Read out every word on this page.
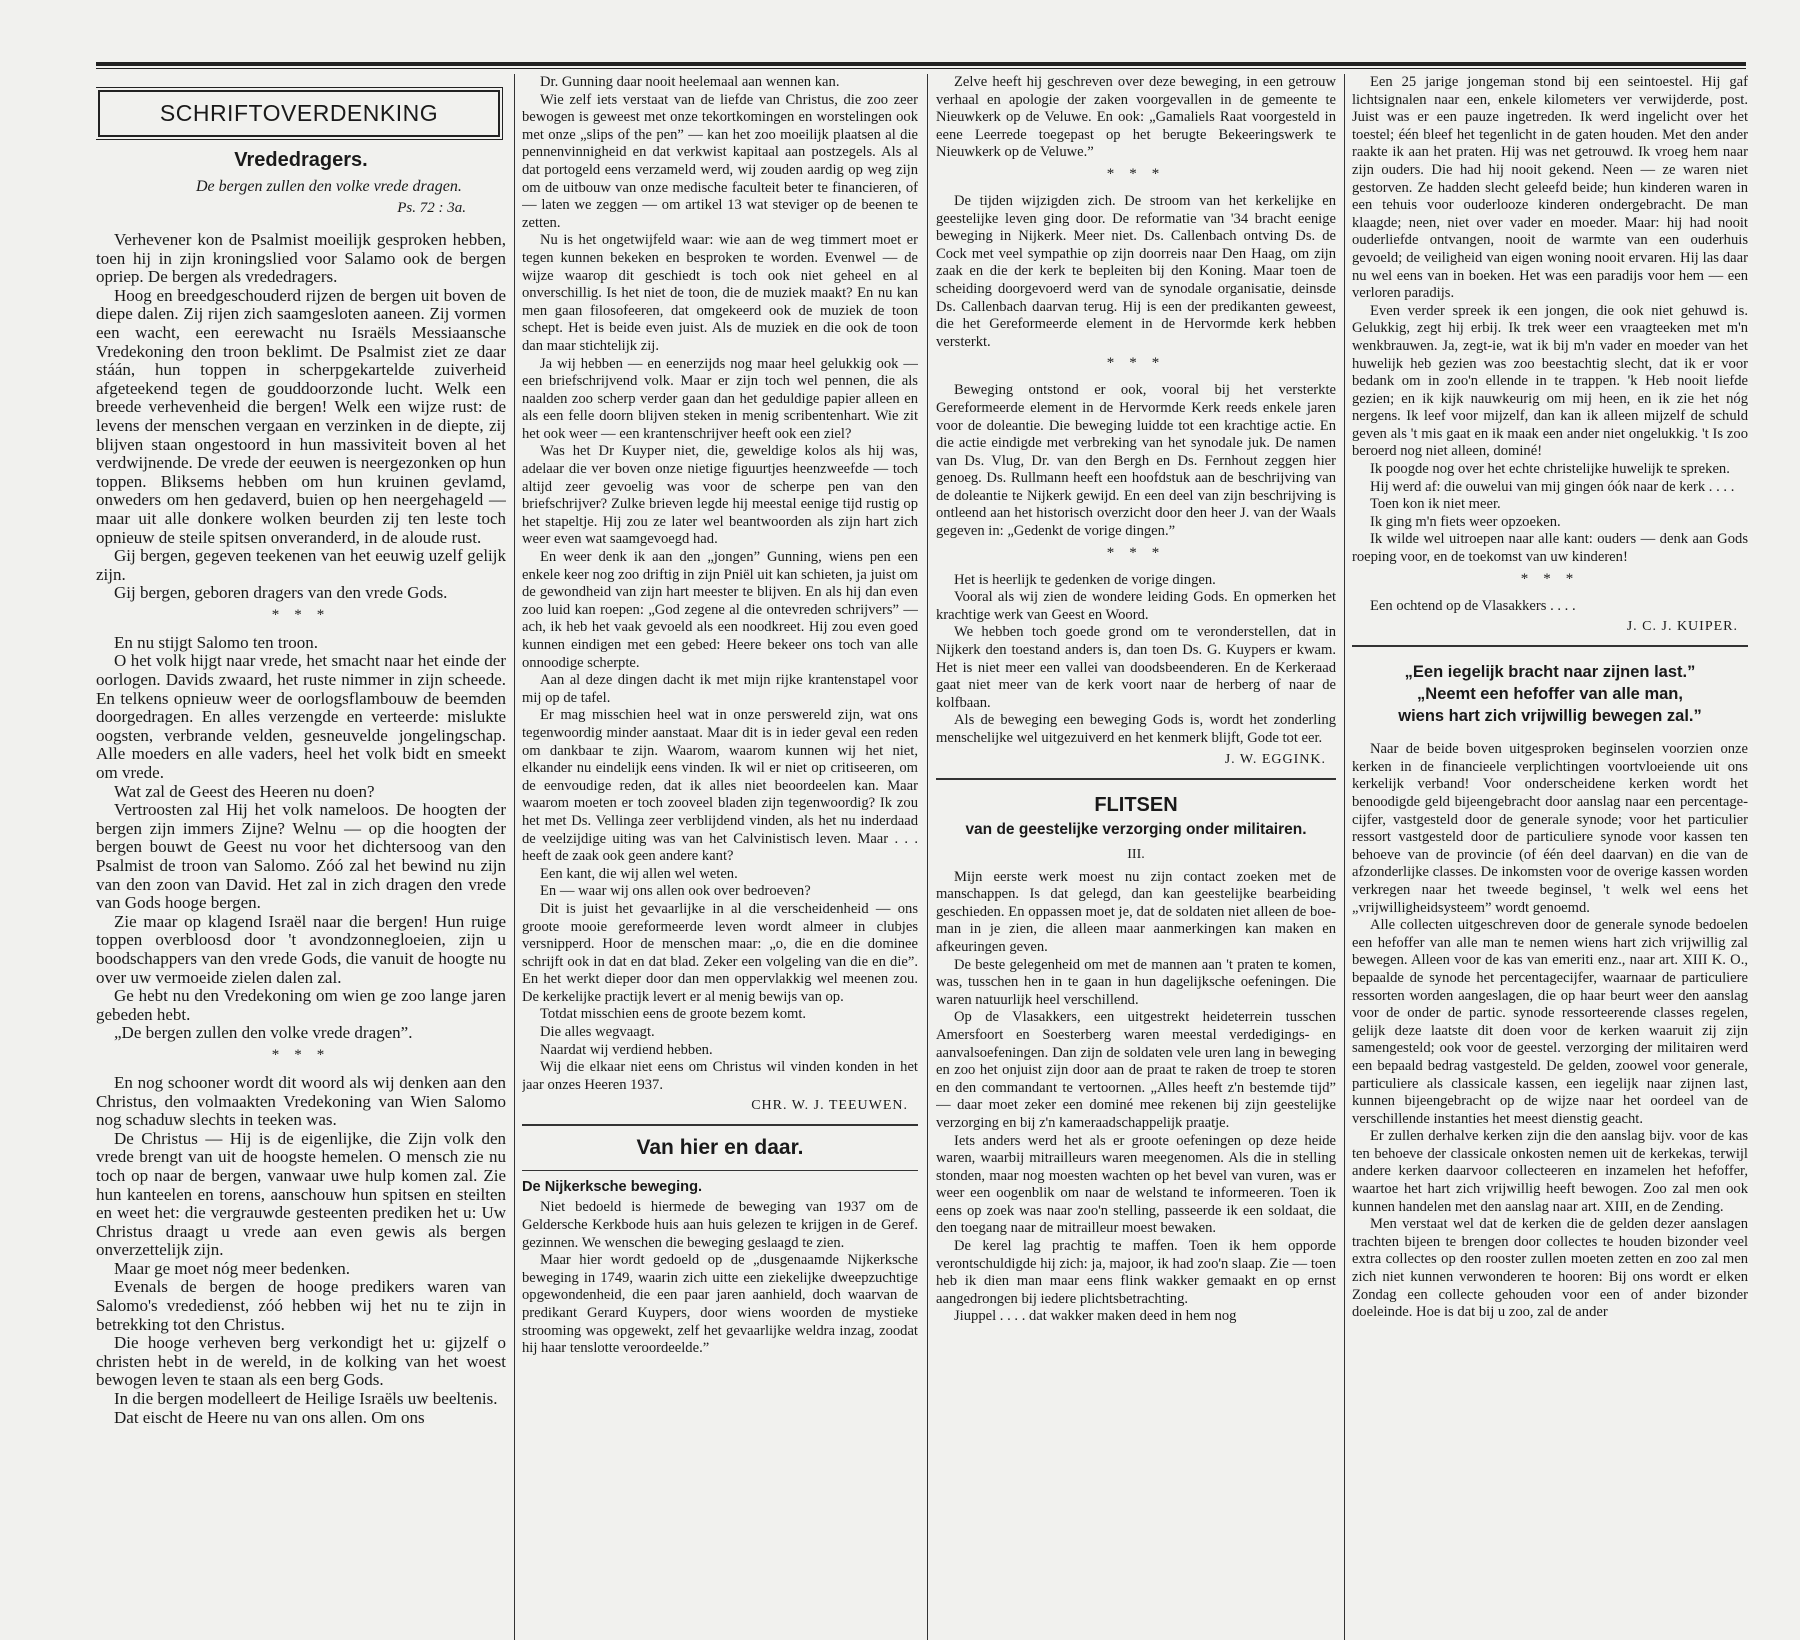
SCHRIFTOVERDENKING
Vrededragers.
De bergen zullen den volke vrede dragen.
Ps. 72 : 3a.

Verhevener kon de Psalmist moeilijk gesproken hebben, toen hij in zijn kroningslied voor Salamo ook de bergen opriep. De bergen als vrededragers.

Hoog en breedgeschouderd rijzen de bergen uit boven de diepe dalen. Zij rijen zich saamgesloten aaneen. Zij vormen een wacht, een eerewacht nu Israëls Messiaansche Vredekoning den troon beklimt. De Psalmist ziet ze daar stáán, hun toppen in scherpgekartelde zuiverheid afgeteekend tegen de gouddoorzonde lucht. Welk een breede verhevenheid die bergen! Welk een wijze rust: de levens der menschen vergaan en verzinken in de diepte, zij blijven staan ongestoord in hun massiviteit boven al het verdwijnende. De vrede der eeuwen is neergezonken op hun toppen. Bliksems hebben om hun kruinen gevlamd, onweders om hen gedaverd, buien op hen neergehageld — maar uit alle donkere wolken beurden zij ten leste toch opnieuw de steile spitsen onveranderd, in de aloude rust.

Gij bergen, gegeven teekenen van het eeuwig uzelf gelijk zijn.

Gij bergen, geboren dragers van den vrede Gods.

* * *

En nu stijgt Salomo ten troon.

O het volk hijgt naar vrede, het smacht naar het einde der oorlogen. Davids zwaard, het ruste nimmer in zijn scheede. En telkens opnieuw weer de oorlogsflambouw de beemden doorgedragen. En alles verzengde en verteerde: mislukte oogsten, verbrande velden, gesneuvelde jongelingschap. Alle moeders en alle vaders, heel het volk bidt en smeekt om vrede.

Wat zal de Geest des Heeren nu doen?

Vertroosten zal Hij het volk nameloos. De hoogten der bergen zijn immers Zijne? Welnu — op die hoogten der bergen bouwt de Geest nu voor het dichtersoog van den Psalmist de troon van Salomo. Zóó zal het bewind nu zijn van den zoon van David. Het zal in zich dragen den vrede van Gods hooge bergen.

Zie maar op klagend Israël naar die bergen! Hun ruige toppen overbloosd door 't avondzonnegloeien, zijn u boodschappers van den vrede Gods, die vanuit de hoogte nu over uw vermoeide zielen dalen zal.

Ge hebt nu den Vredekoning om wien ge zoo lange jaren gebeden hebt.

„De bergen zullen den volke vrede dragen”.

* * *

En nog schooner wordt dit woord als wij denken aan den Christus, den volmaakten Vredekoning van Wien Salomo nog schaduw slechts in teeken was.

De Christus — Hij is de eigenlijke, die Zijn volk den vrede brengt van uit de hoogste hemelen. O mensch zie nu toch op naar de bergen, vanwaar uwe hulp komen zal. Zie hun kanteelen en torens, aanschouw hun spitsen en steilten en weet het: die vergrauwde gesteenten prediken het u: Uw Christus draagt u vrede aan even gewis als bergen onverzettelijk zijn.

Maar ge moet nóg meer bedenken.

Evenals de bergen de hooge predikers waren van Salomo's vrededienst, zóó hebben wij het nu te zijn in betrekking tot den Christus.

Die hooge verheven berg verkondigt het u: gijzelf o christen hebt in de wereld, in de kolking van het woest bewogen leven te staan als een berg Gods.

In die bergen modelleert de Heilige Israëls uw beeltenis.

Dat eischt de Heere nu van ons allen. Om ons

Dr. Gunning daar nooit heelemaal aan wennen kan.

Wie zelf iets verstaat van de liefde van Christus, die zoo zeer bewogen is geweest met onze tekortkomingen en worstelingen ook met onze „slips of the pen” — kan het zoo moeilijk plaatsen al die pennenvinnigheid en dat verkwist kapitaal aan postzegels. Als al dat portogeld eens verzameld werd, wij zouden aardig op weg zijn om de uitbouw van onze medische faculteit beter te financieren, of — laten we zeggen — om artikel 13 wat steviger op de beenen te zetten.

Nu is het ongetwijfeld waar: wie aan de weg timmert moet er tegen kunnen bekeken en besproken te worden. Evenwel — de wijze waarop dit geschiedt is toch ook niet geheel en al onverschillig. Is het niet de toon, die de muziek maakt? En nu kan men gaan filosofeeren, dat omgekeerd ook de muziek de toon schept. Het is beide even juist. Als de muziek en die ook de toon dan maar stichtelijk zij.

Ja wij hebben — en eenerzijds nog maar heel gelukkig ook — een briefschrijvend volk. Maar er zijn toch wel pennen, die als naalden zoo scherp verder gaan dan het geduldige papier alleen en als een felle doorn blijven steken in menig scribentenhart. Wie zit het ook weer — een krantenschrijver heeft ook een ziel?

Was het Dr Kuyper niet, die, geweldige kolos als hij was, adelaar die ver boven onze nietige figuurtjes heenzweefde — toch altijd zeer gevoelig was voor de scherpe pen van den briefschrijver? Zulke brieven legde hij meestal eenige tijd rustig op het stapeltje. Hij zou ze later wel beantwoorden als zijn hart zich weer even wat saamgevoegd had.

En weer denk ik aan den „jongen” Gunning, wiens pen een enkele keer nog zoo driftig in zijn Pniël uit kan schieten, ja juist om de gewondheid van zijn hart meester te blijven. En als hij dan even zoo luid kan roepen: „God zegene al die ontevreden schrijvers” — ach, ik heb het vaak gevoeld als een noodkreet. Hij zou even goed kunnen eindigen met een gebed: Heere bekeer ons toch van alle onnoodige scherpte.

Aan al deze dingen dacht ik met mijn rijke krantenstapel voor mij op de tafel.

Er mag misschien heel wat in onze perswereld zijn, wat ons tegenwoordig minder aanstaat. Maar dit is in ieder geval een reden om dankbaar te zijn. Waarom, waarom kunnen wij het niet, elkander nu eindelijk eens vinden. Ik wil er niet op critiseeren, om de eenvoudige reden, dat ik alles niet beoordeelen kan. Maar waarom moeten er toch zooveel bladen zijn tegenwoordig? Ik zou het met Ds. Vellinga zeer verblijdend vinden, als het nu inderdaad de veelzijdige uiting was van het Calvinistisch leven. Maar . . . heeft de zaak ook geen andere kant?

Een kant, die wij allen wel weten.

En — waar wij ons allen ook over bedroeven?

Dit is juist het gevaarlijke in al die verscheidenheid — ons groote mooie gereformeerde leven wordt almeer in clubjes versnipperd. Hoor de menschen maar: „o, die en die dominee schrijft ook in dat en dat blad. Zeker een volgeling van die en die”. En het werkt dieper door dan men oppervlakkig wel meenen zou. De kerkelijke practijk levert er al menig bewijs van op.

Totdat misschien eens de groote bezem komt.

Die alles wegvaagt.

Naardat wij verdiend hebben.

Wij die elkaar niet eens om Christus wil vinden konden in het jaar onzes Heeren 1937.

CHR. W. J. TEEUWEN.
Van hier en daar.
De Nijkerksche beweging.

Niet bedoeld is hiermede de beweging van 1937 om de Geldersche Kerkbode huis aan huis gelezen te krijgen in de Geref. gezinnen. We wenschen die beweging geslaagd te zien.

Maar hier wordt gedoeld op de „dusgenaamde Nijkerksche beweging in 1749, waarin zich uitte een ziekelijke dweepzuchtige opgewondenheid, die een paar jaren aanhield, doch waarvan de predikant Gerard Kuypers, door wiens woorden de mystieke strooming was opgewekt, zelf het gevaarlijke weldra inzag, zoodat hij haar tenslotte veroordeelde.”

Zelve heeft hij geschreven over deze beweging, in een getrouw verhaal en apologie der zaken voorgevallen in de gemeente te Nieuwkerk op de Veluwe. En ook: „Gamaliels Raat voorgesteld in eene Leerrede toegepast op het berugte Bekeeringswerk te Nieuwkerk op de Veluwe.”

* * *

De tijden wijzigden zich. De stroom van het kerkelijke en geestelijke leven ging door. De reformatie van '34 bracht eenige beweging in Nijkerk. Meer niet. Ds. Callenbach ontving Ds. de Cock met veel sympathie op zijn doorreis naar Den Haag, om zijn zaak en die der kerk te bepleiten bij den Koning. Maar toen de scheiding doorgevoerd werd van de synodale organisatie, deinsde Ds. Callenbach daarvan terug. Hij is een der predikanten geweest, die het Gereformeerde element in de Hervormde kerk hebben versterkt.

* * *

Beweging ontstond er ook, vooral bij het versterkte Gereformeerde element in de Hervormde Kerk reeds enkele jaren voor de doleantie. Die beweging luidde tot een krachtige actie. En die actie eindigde met verbreking van het synodale juk. De namen van Ds. Vlug, Dr. van den Bergh en Ds. Fernhout zeggen hier genoeg. Ds. Rullmann heeft een hoofdstuk aan de beschrijving van de doleantie te Nijkerk gewijd. En een deel van zijn beschrijving is ontleend aan het historisch overzicht door den heer J. van der Waals gegeven in: „Gedenkt de vorige dingen.”

* * *

Het is heerlijk te gedenken de vorige dingen.

Vooral als wij zien de wondere leiding Gods. En opmerken het krachtige werk van Geest en Woord.

We hebben toch goede grond om te veronderstellen, dat in Nijkerk den toestand anders is, dan toen Ds. G. Kuypers er kwam. Het is niet meer een vallei van doodsbeenderen. En de Kerkeraad gaat niet meer van de kerk voort naar de herberg of naar de kolfbaan.

Als de beweging een beweging Gods is, wordt het zonderling menschelijke wel uitgezuiverd en het kenmerk blijft, Gode tot eer.

J. W. EGGINK.
FLITSEN
van de geestelijke verzorging onder militairen.
III.

Mijn eerste werk moest nu zijn contact zoeken met de manschappen. Is dat gelegd, dan kan geestelijke bearbeiding geschieden. En oppassen moet je, dat de soldaten niet alleen de boe-man in je zien, die alleen maar aanmerkingen kan maken en afkeuringen geven.

De beste gelegenheid om met de mannen aan 't praten te komen, was, tusschen hen in te gaan in hun dagelijksche oefeningen. Die waren natuurlijk heel verschillend.

Op de Vlasakkers, een uitgestrekt heideterrein tusschen Amersfoort en Soesterberg waren meestal verdedigings- en aanvalsoefeningen. Dan zijn de soldaten vele uren lang in beweging en zoo het onjuist zijn door aan de praat te raken de troep te storen en den commandant te vertoornen. „Alles heeft z'n bestemde tijd” — daar moet zeker een dominé mee rekenen bij zijn geestelijke verzorging en bij z'n kameraadschappelijk praatje.

Iets anders werd het als er groote oefeningen op deze heide waren, waarbij mitrailleurs waren meegenomen. Als die in stelling stonden, maar nog moesten wachten op het bevel van vuren, was er weer een oogenblik om naar de welstand te informeeren. Toen ik eens op zoek was naar zoo'n stelling, passeerde ik een soldaat, die den toegang naar de mitrailleur moest bewaken.

De kerel lag prachtig te maffen. Toen ik hem opporde verontschuldigde hij zich: ja, majoor, ik had zoo'n slaap. Zie — toen heb ik dien man maar eens flink wakker gemaakt en op ernst aangedrongen bij iedere plichtsbetrachting.

Jiuppel . . . . dat wakker maken deed in hem nog

Een 25 jarige jongeman stond bij een seintoestel. Hij gaf lichtsignalen naar een, enkele kilometers ver verwijderde, post. Juist was er een pauze ingetreden. Ik werd ingelicht over het toestel; één bleef het tegenlicht in de gaten houden. Met den ander raakte ik aan het praten. Hij was net getrouwd. Ik vroeg hem naar zijn ouders. Die had hij nooit gekend. Neen — ze waren niet gestorven. Ze hadden slecht geleefd beide; hun kinderen waren in een tehuis voor ouderlooze kinderen ondergebracht. De man klaagde; neen, niet over vader en moeder. Maar: hij had nooit ouderliefde ontvangen, nooit de warmte van een ouderhuis gevoeld; de veiligheid van eigen woning nooit ervaren. Hij las daar nu wel eens van in boeken. Het was een paradijs voor hem — een verloren paradijs.

Even verder spreek ik een jongen, die ook niet gehuwd is. Gelukkig, zegt hij erbij. Ik trek weer een vraagteeken met m'n wenkbrauwen. Ja, zegt-ie, wat ik bij m'n vader en moeder van het huwelijk heb gezien was zoo beestachtig slecht, dat ik er voor bedank om in zoo'n ellende in te trappen. 'k Heb nooit liefde gezien; en ik kijk nauwkeurig om mij heen, en ik zie het nóg nergens. Ik leef voor mijzelf, dan kan ik alleen mijzelf de schuld geven als 't mis gaat en ik maak een ander niet ongelukkig. 't Is zoo beroerd nog niet alleen, dominé!

Ik poogde nog over het echte christelijke huwelijk te spreken.

Hij werd af: die ouwelui van mij gingen óók naar de kerk . . . .

Toen kon ik niet meer.

Ik ging m'n fiets weer opzoeken.

Ik wilde wel uitroepen naar alle kant: ouders — denk aan Gods roeping voor, en de toekomst van uw kinderen!

* * *

Een ochtend op de Vlasakkers . . . .

J. C. J. KUIPER.
„Een iegelijk bracht naar zijnen last.”
„Neemt een hefoffer van alle man,
wiens hart zich vrijwillig bewegen zal.”

Naar de beide boven uitgesproken beginselen voorzien onze kerken in de financieele verplichtingen voortvloeiende uit ons kerkelijk verband! Voor onderscheidene kerken wordt het benoodigde geld bijeengebracht door aanslag naar een percentage-cijfer, vastgesteld door de generale synode; voor het particulier ressort vastgesteld door de particuliere synode voor kassen ten behoeve van de provincie (of één deel daarvan) en die van de afzonderlijke classes. De inkomsten voor de overige kassen worden verkregen naar het tweede beginsel, 't welk wel eens het „vrijwilligheidsysteem” wordt genoemd.

Alle collecten uitgeschreven door de generale synode bedoelen een hefoffer van alle man te nemen wiens hart zich vrijwillig zal bewegen. Alleen voor de kas van emeriti enz., naar art. XIII K. O., bepaalde de synode het percentagecijfer, waarnaar de particuliere ressorten worden aangeslagen, die op haar beurt weer den aanslag voor de onder de partic. synode ressorteerende classes regelen, gelijk deze laatste dit doen voor de kerken waaruit zij zijn samengesteld; ook voor de geestel. verzorging der militairen werd een bepaald bedrag vastgesteld. De gelden, zoowel voor generale, particuliere als classicale kassen, een iegelijk naar zijnen last, kunnen bijeengebracht op de wijze naar het oordeel van de verschillende instanties het meest dienstig geacht.

Er zullen derhalve kerken zijn die den aanslag bijv. voor de kas ten behoeve der classicale onkosten nemen uit de kerkekas, terwijl andere kerken daarvoor collecteeren en inzamelen het hefoffer, waartoe het hart zich vrijwillig heeft bewogen. Zoo zal men ook kunnen handelen met den aanslag naar art. XIII, en de Zending.

Men verstaat wel dat de kerken die de gelden dezer aanslagen trachten bijeen te brengen door collectes te houden bizonder veel extra collectes op den rooster zullen moeten zetten en zoo zal men zich niet kunnen verwonderen te hooren: Bij ons wordt er elken Zondag een collecte gehouden voor een of ander bizonder doeleinde. Hoe is dat bij u zoo, zal de ander
